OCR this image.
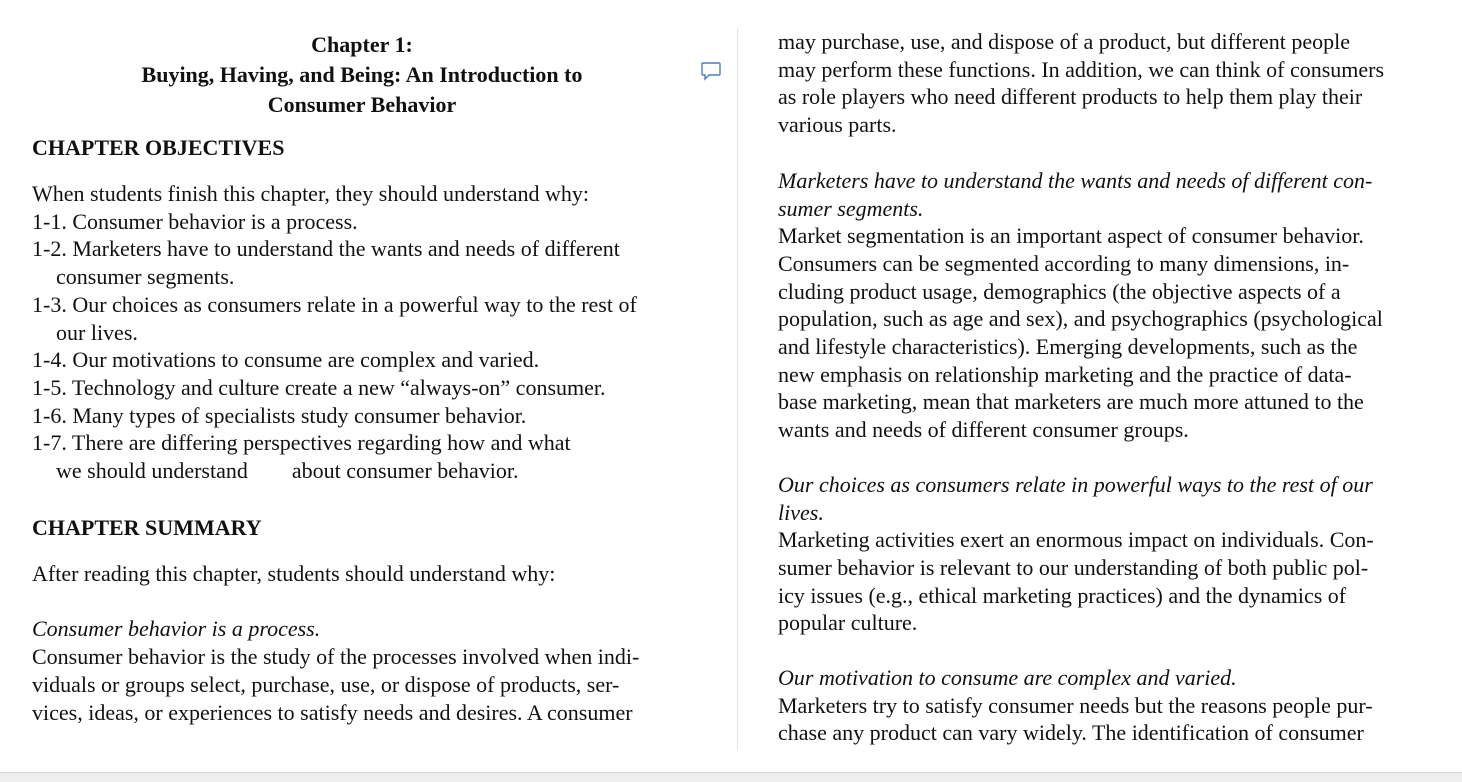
Chapter 1:
Buying, Having, and Being: An Introduction to
Consumer Behavior
CHAPTER OBJECTIVES
When students finish this chapter, they should understand why:
1-1. Consumer behavior is a process.
1-2. Marketers have to understand the wants and needs of different
consumer segments.
1-3. Our choices as consumers relate in a powerful way to the rest of
our lives.
1-4. Our motivations to consume are complex and varied.
1-5. Technology and culture create a new “always-on” consumer.
1-6. Many types of specialists study consumer behavior.
1-7. There are differing perspectives regarding how and what
we should understand about consumer behavior.
CHAPTER SUMMARY
After reading this chapter, students should understand why:
Consumer behavior is a process.
Consumer behavior is the study of the processes involved when indi-
viduals or groups select, purchase, use, or dispose of products, ser-
vices, ideas, or experiences to satisfy needs and desires. A consumer
may purchase, use, and dispose of a product, but different people
may perform these functions. In addition, we can think of consumers
as role players who need different products to help them play their
various parts.
Marketers have to understand the wants and needs of different con-
sumer segments.
Market segmentation is an important aspect of consumer behavior.
Consumers can be segmented according to many dimensions, in-
cluding product usage, demographics (the objective aspects of a
population, such as age and sex), and psychographics (psychological
and lifestyle characteristics). Emerging developments, such as the
new emphasis on relationship marketing and the practice of data-
base marketing, mean that marketers are much more attuned to the
wants and needs of different consumer groups.
Our choices as consumers relate in powerful ways to the rest of our
lives.
Marketing activities exert an enormous impact on individuals. Con-
sumer behavior is relevant to our understanding of both public pol-
icy issues (e.g., ethical marketing practices) and the dynamics of
popular culture.
Our motivation to consume are complex and varied.
Marketers try to satisfy consumer needs but the reasons people pur-
chase any product can vary widely. The identification of consumer
